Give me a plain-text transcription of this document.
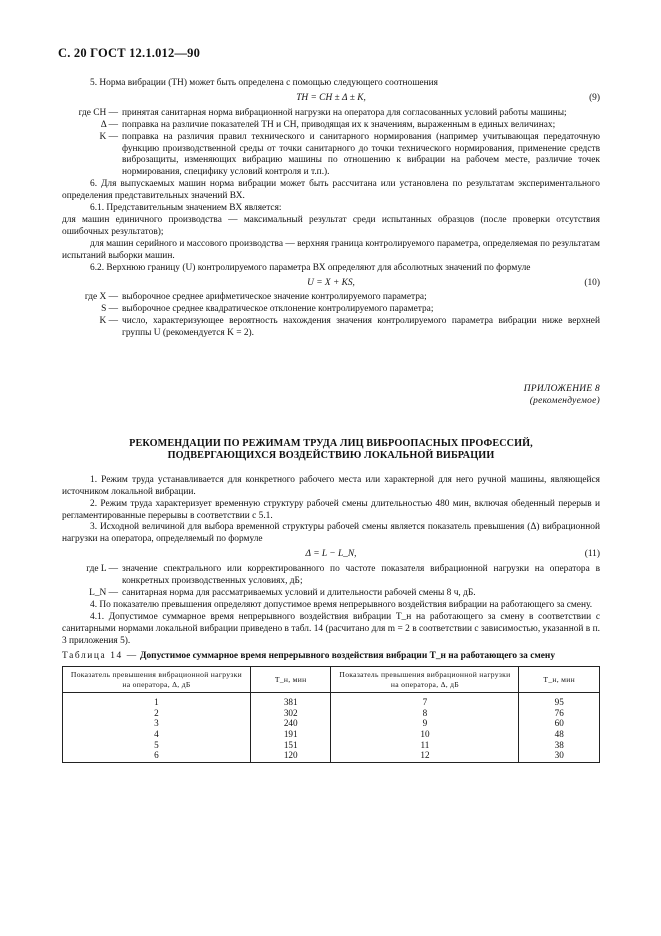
С. 20 ГОСТ 12.1.012—90

5. Норма вибрации (TH) может быть определена с помощью следующего соотношения

TH = CH ± Δ ± K,	(9)
где CH — принятая санитарная норма вибрационной нагрузки на оператора для согласованных условий работы машины;
Δ — поправка на различие показателей TH и CH, приводящая их к значениям, выраженным в единых величинах;
K — поправка на различия правил технического и санитарного нормирования (например учитывающая передаточную функцию производственной среды от точки санитарного до точки технического нормирования, применение средств виброзащиты, изменяющих вибрацию машины по отношению к вибрации на рабочем месте, различие точек нормирования, специфику условий контроля и т.п.).

6. Для выпускаемых машин норма вибрации может быть рассчитана или установлена по результатам экспериментального определения представительных значений ВХ.

6.1. Представительным значением ВХ является:

для машин единичного производства — максимальный результат среди испытанных образцов (после проверки отсутствия ошибочных результатов);

для машин серийного и массового производства — верхняя граница контролируемого параметра, определяемая по результатам испытаний выборки машин.

6.2. Верхнюю границу (U) контролируемого параметра ВХ определяют для абсолютных значений по формуле

U = X + KS,	(10)
где X — выборочное среднее арифметическое значение контролируемого параметра;
S — выборочное среднее квадратическое отклонение контролируемого параметра;
K — число, характеризующее вероятность нахождения значения контролируемого параметра вибрации ниже верхней группы U (рекомендуется K = 2).
ПРИЛОЖЕНИЕ 8
(рекомендуемое)
РЕКОМЕНДАЦИИ ПО РЕЖИМАМ ТРУДА ЛИЦ ВИБРООПАСНЫХ ПРОФЕССИЙ,
ПОДВЕРГАЮЩИХСЯ ВОЗДЕЙСТВИЮ ЛОКАЛЬНОЙ ВИБРАЦИИ

1. Режим труда устанавливается для конкретного рабочего места или характерной для него ручной машины, являющейся источником локальной вибрации.

2. Режим труда характеризует временную структуру рабочей смены длительностью 480 мин, включая обеденный перерыв и регламентированные перерывы в соответствии с 5.1.

3. Исходной величиной для выбора временной структуры рабочей смены является показатель превышения (Δ) вибрационной нагрузки на оператора, определяемый по формуле

Δ = L − L_N,	(11)
где L — значение спектрального или корректированного по частоте показателя вибрационной нагрузки на оператора в конкретных производственных условиях, дБ;
L_N — санитарная норма для рассматриваемых условий и длительности рабочей смены 8 ч, дБ.

4. По показателю превышения определяют допустимое время непрерывного воздействия вибрации на работающего за смену.

4.1. Допустимое суммарное время непрерывного воздействия вибрации T_н на работающего за смену в соответствии с санитарными нормами локальной вибрации приведено в табл. 14 (расчитано для m = 2 в соответствии с зависимостью, указанной в п. 3 приложения 5).

Таблица 14 — Допустимое суммарное время непрерывного воздействия вибрации T_н на работающего за смену
Показатель превышения вибрационной нагрузки на оператора, Δ, дБ	T_н, мин	Показатель превышения вибрационной нагрузки на оператора, Δ, дБ	T_н, мин
1	381	7	95
2	302	8	76
3	240	9	60
4	191	10	48
5	151	11	38
6	120	12	30
